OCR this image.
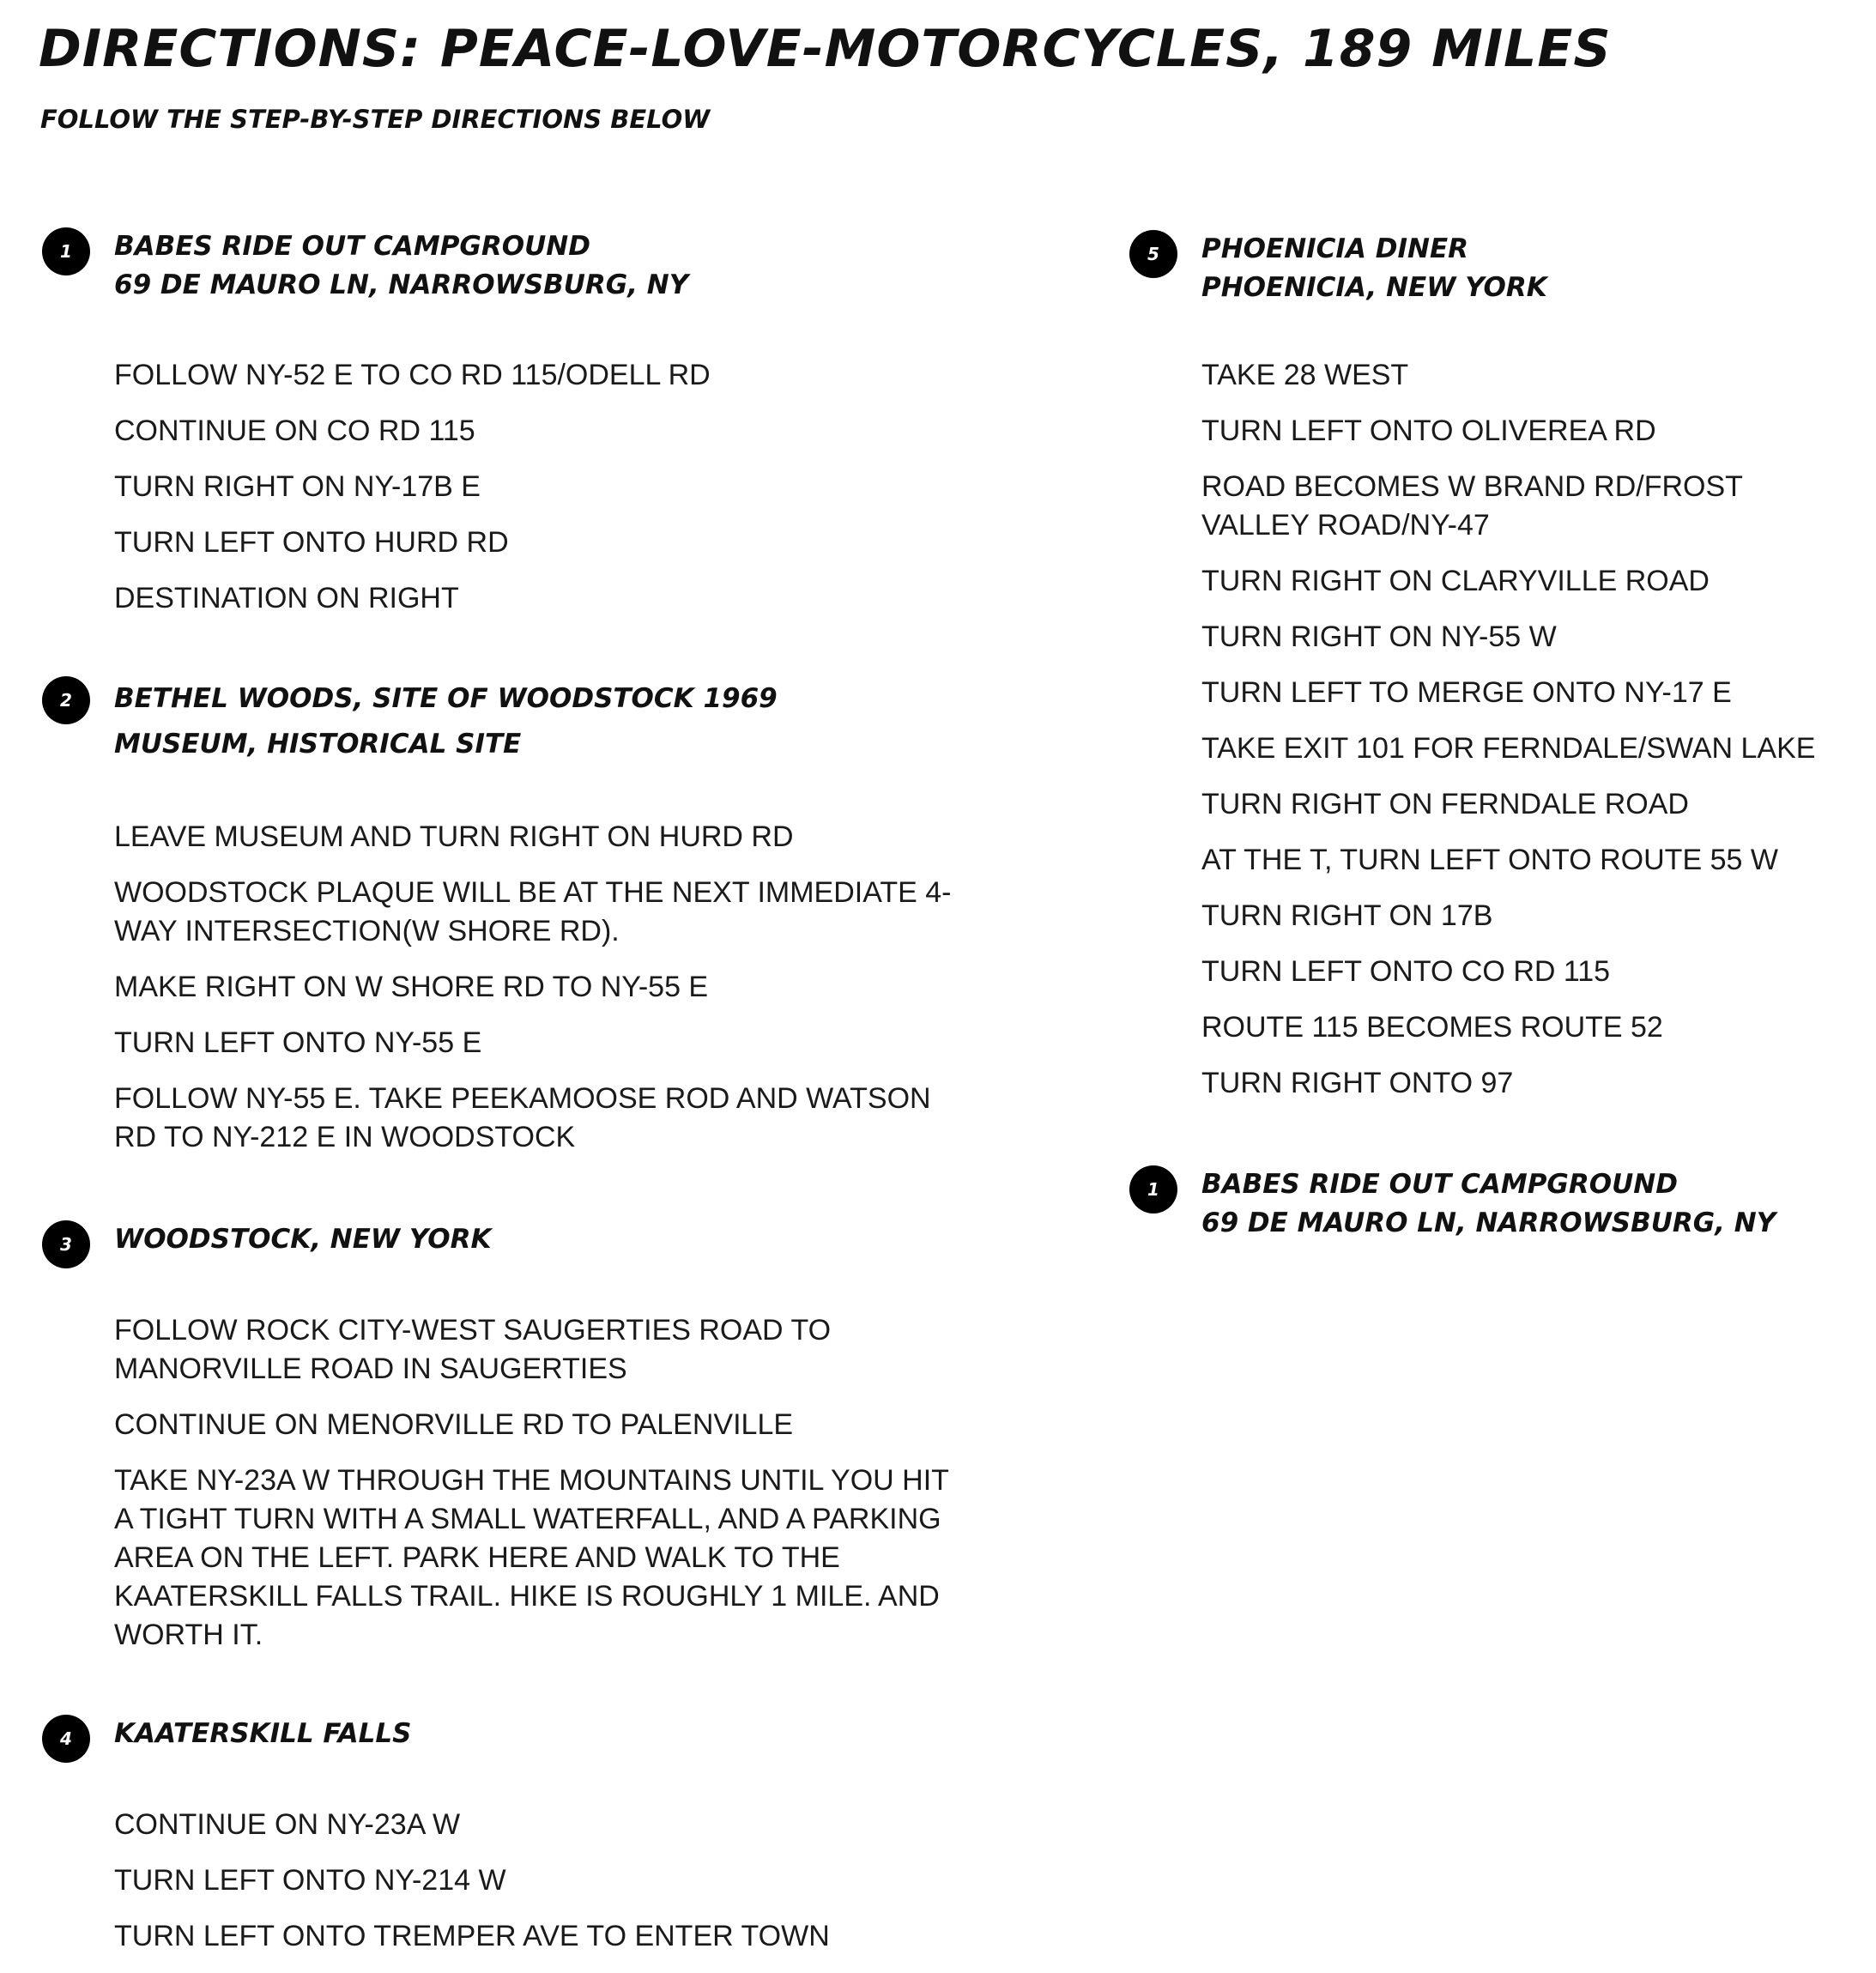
DIRECTIONS: PEACE-LOVE-MOTORCYCLES, 189 MILES

FOLLOW THE STEP-BY-STEP DIRECTIONS BELOW

1	BABES RIDE OUT CAMPGROUND
69 DE MAURO LN, NARROWSBURG, NY
FOLLOW NY-52 E TO CO RD 115/ODELL RD
CONTINUE ON CO RD 115
TURN RIGHT ON NY-17B E
TURN LEFT ONTO HURD RD
DESTINATION ON RIGHT
2	BETHEL WOODS, SITE OF WOODSTOCK 1969
MUSEUM, HISTORICAL SITE
LEAVE MUSEUM AND TURN RIGHT ON HURD RD
WOODSTOCK PLAQUE WILL BE AT THE NEXT IMMEDIATE 4-WAY INTERSECTION(W SHORE RD).
MAKE RIGHT ON W SHORE RD TO NY-55 E
TURN LEFT ONTO NY-55 E
FOLLOW NY-55 E. TAKE PEEKAMOOSE ROD AND WATSON RD TO NY-212 E IN WOODSTOCK
3	WOODSTOCK, NEW YORK
FOLLOW ROCK CITY-WEST SAUGERTIES ROAD TO MANORVILLE ROAD IN SAUGERTIES
CONTINUE ON MENORVILLE RD TO PALENVILLE
TAKE NY-23A W THROUGH THE MOUNTAINS UNTIL YOU HIT A TIGHT TURN WITH A SMALL WATERFALL, AND A PARKING AREA ON THE LEFT. PARK HERE AND WALK TO THE KAATERSKILL FALLS TRAIL. HIKE IS ROUGHLY 1 MILE. AND WORTH IT.
4	KAATERSKILL FALLS
CONTINUE ON NY-23A W
TURN LEFT ONTO NY-214 W
TURN LEFT ONTO TREMPER AVE TO ENTER TOWN
5	PHOENICIA DINER
PHOENICIA, NEW YORK
TAKE 28 WEST
TURN LEFT ONTO OLIVEREA RD
ROAD BECOMES W BRAND RD/FROST VALLEY ROAD/NY-47
TURN RIGHT ON CLARYVILLE ROAD
TURN RIGHT ON NY-55 W
TURN LEFT TO MERGE ONTO NY-17 E
TAKE EXIT 101 FOR FERNDALE/SWAN LAKE
TURN RIGHT ON FERNDALE ROAD
AT THE T, TURN LEFT ONTO ROUTE 55 W
TURN RIGHT ON 17B
TURN LEFT ONTO CO RD 115
ROUTE 115 BECOMES ROUTE 52
TURN RIGHT ONTO 97
1	BABES RIDE OUT CAMPGROUND
69 DE MAURO LN, NARROWSBURG, NY
